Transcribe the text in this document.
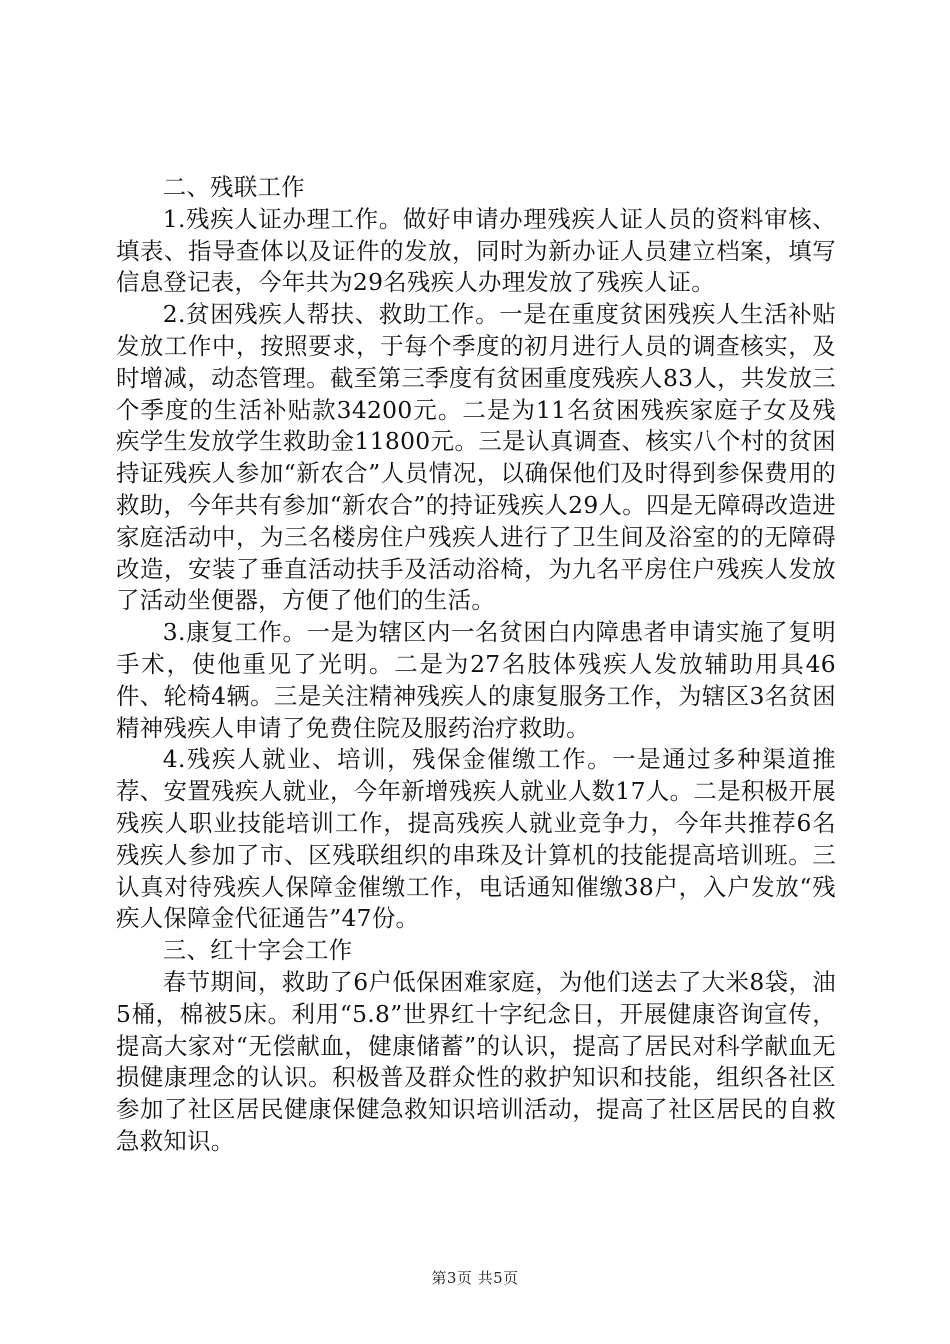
二、残联工作

1.残疾人证办理工作。做好申请办理残疾人证人员的资料审核、填表、指导查体以及证件的发放，同时为新办证人员建立档案，填写信息登记表，今年共为29名残疾人办理发放了残疾人证。

2.贫困残疾人帮扶、救助工作。一是在重度贫困残疾人生活补贴发放工作中，按照要求，于每个季度的初月进行人员的调查核实，及时增减，动态管理。截至第三季度有贫困重度残疾人83人，共发放三个季度的生活补贴款34200元。二是为11名贫困残疾家庭子女及残疾学生发放学生救助金11800元。三是认真调查、核实八个村的贫困持证残疾人参加“新农合”人员情况，以确保他们及时得到参保费用的救助，今年共有参加“新农合”的持证残疾人29人。四是无障碍改造进家庭活动中，为三名楼房住户残疾人进行了卫生间及浴室的的无障碍改造，安装了垂直活动扶手及活动浴椅，为九名平房住户残疾人发放了活动坐便器，方便了他们的生活。

3.康复工作。一是为辖区内一名贫困白内障患者申请实施了复明手术，使他重见了光明。二是为27名肢体残疾人发放辅助用具46件、轮椅4辆。三是关注精神残疾人的康复服务工作，为辖区3名贫困精神残疾人申请了免费住院及服药治疗救助。

4.残疾人就业、培训，残保金催缴工作。一是通过多种渠道推荐、安置残疾人就业，今年新增残疾人就业人数17人。二是积极开展残疾人职业技能培训工作，提高残疾人就业竞争力，今年共推荐6名残疾人参加了市、区残联组织的串珠及计算机的技能提高培训班。三认真对待残疾人保障金催缴工作，电话通知催缴38户，入户发放“残疾人保障金代征通告”47份。

三、红十字会工作

春节期间，救助了6户低保困难家庭，为他们送去了大米8袋，油5桶，棉被5床。利用“5.8”世界红十字纪念日，开展健康咨询宣传，提高大家对“无偿献血，健康储蓄”的认识，提高了居民对科学献血无损健康理念的认识。积极普及群众性的救护知识和技能，组织各社区参加了社区居民健康保健急救知识培训活动，提高了社区居民的自救急救知识。

第3页 共5页
